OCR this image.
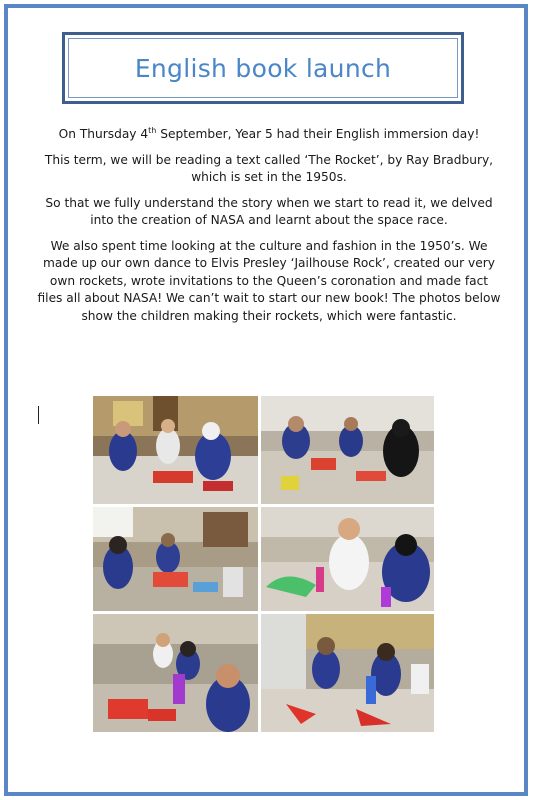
English book launch

On Thursday 4th September, Year 5 had their English immersion day!

This term, we will be reading a text called ‘The Rocket’, by Ray Bradbury, which is set in the 1950s.

So that we fully understand the story when we start to read it, we delved into the creation of NASA and learnt about the space race.

We also spent time looking at the culture and fashion in the 1950’s. We made up our own dance to Elvis Presley ‘Jailhouse Rock’, created our very own rockets, wrote invitations to the Queen’s coronation and made fact files all about NASA! We can’t wait to start our new book! The photos below show the children making their rockets, which were fantastic.
